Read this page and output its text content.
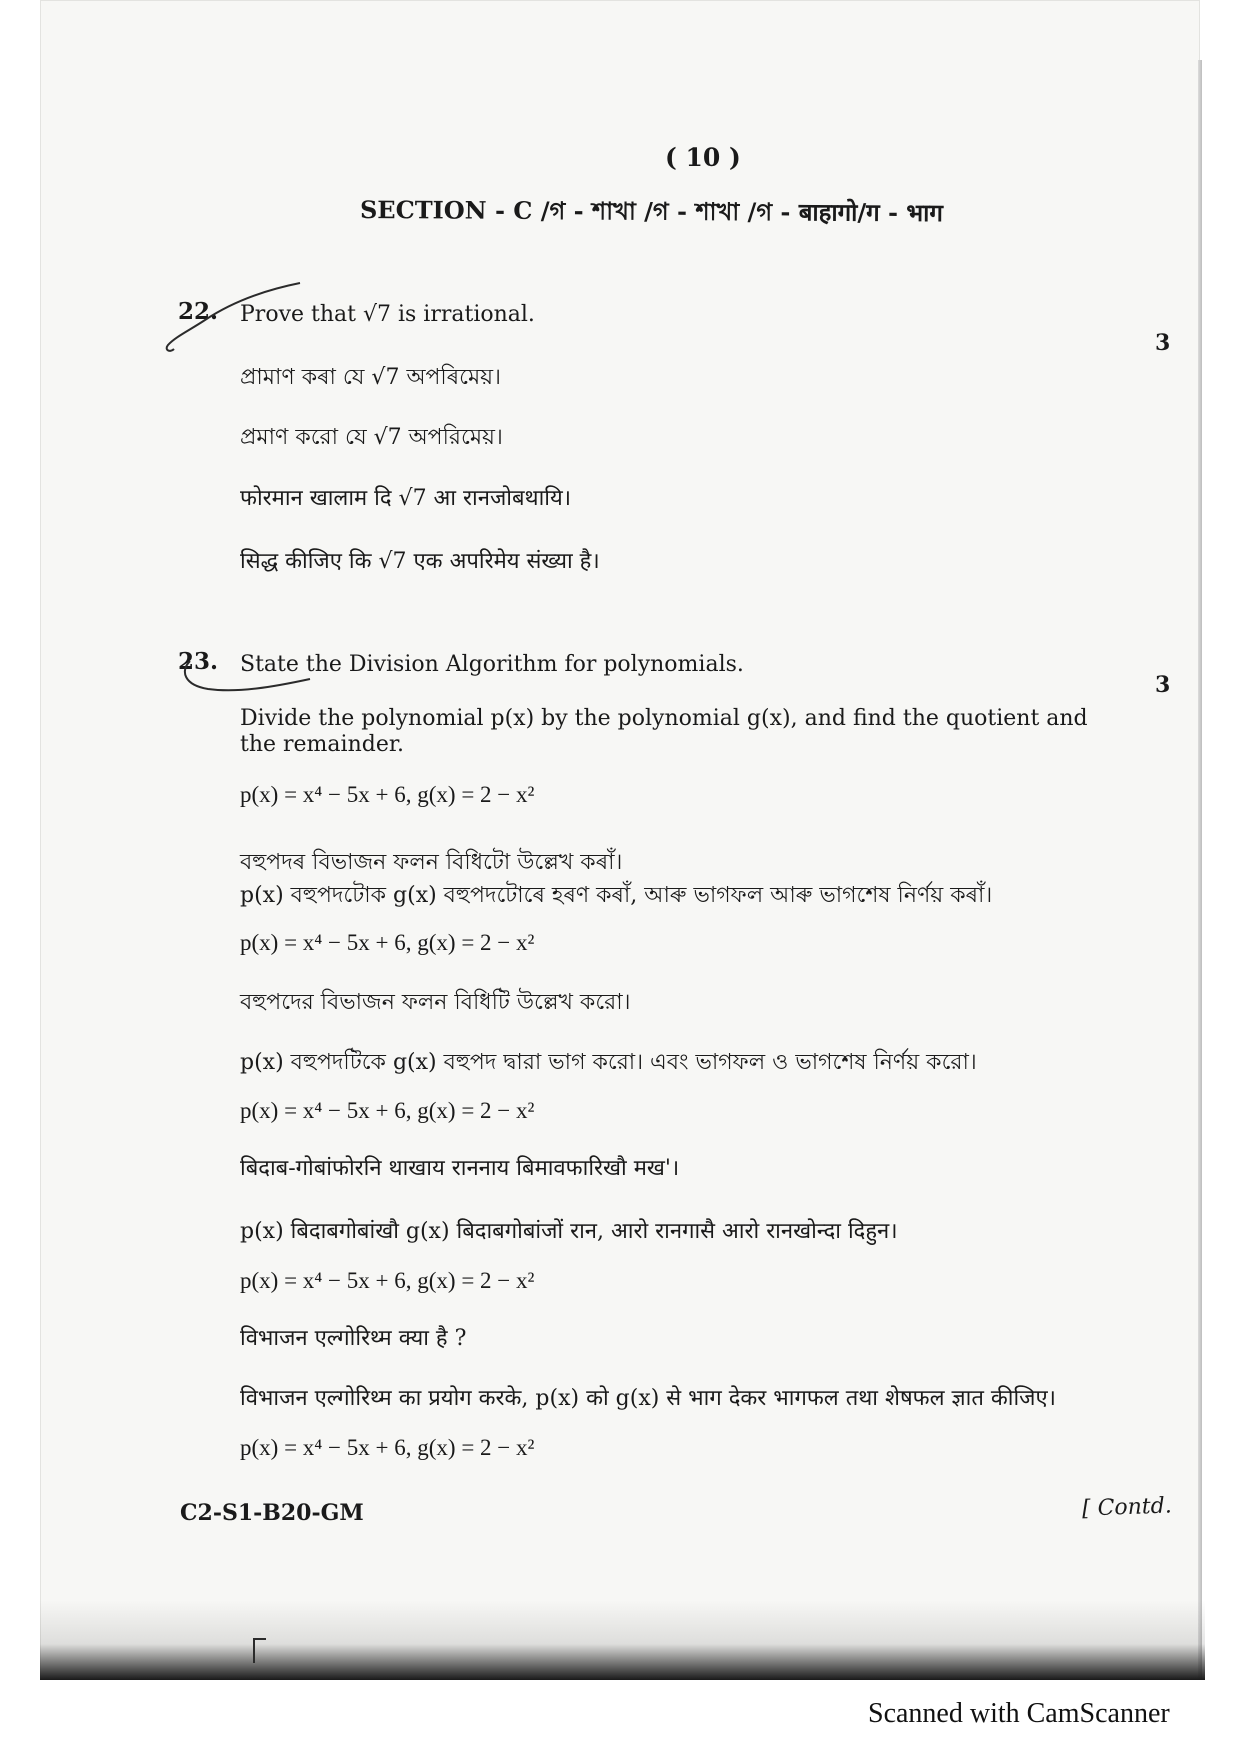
( 10 )
SECTION - C /গ - শাখা /গ - শাখা /গ - बाहागो/ग - भाग
22.
3
Prove that √7 is irrational.
প্ৰামাণ কৰা যে √7 অপৰিমেয়।
প্রমাণ করো যে √7 অপরিমেয়।
फोरमान खालाम दि √7 आ रानजोबथायि।
सिद्ध कीजिए कि √7 एक अपरिमेय संख्या है।
23.
3
State the Division Algorithm for polynomials.
Divide the polynomial p(x) by the polynomial g(x), and find the quotient and the remainder.
p(x) = x⁴ − 5x + 6, g(x) = 2 − x²
বহুপদৰ বিভাজন ফলন বিধিটো উল্লেখ কৰাঁ।
p(x) বহুপদটোক g(x) বহুপদটোৰে হৰণ কৰাঁ, আৰু ভাগফল আৰু ভাগশেষ নিৰ্ণয় কৰাঁ।
p(x) = x⁴ − 5x + 6, g(x) = 2 − x²
বহুপদের বিভাজন ফলন বিধিটি উল্লেখ করো।
p(x) বহুপদটিকে g(x) বহুপদ দ্বারা ভাগ করো। এবং ভাগফল ও ভাগশেষ নির্ণয় করো।
p(x) = x⁴ − 5x + 6, g(x) = 2 − x²
बिदाब-गोबांफोरनि थाखाय राननाय बिमावफारिखौ मख'।
p(x) बिदाबगोबांखौ g(x) बिदाबगोबांजों रान, आरो रानगासै आरो रानखोन्दा दिहुन।
p(x) = x⁴ − 5x + 6, g(x) = 2 − x²
विभाजन एल्गोरिथ्म क्या है ?
विभाजन एल्गोरिथ्म का प्रयोग करके, p(x) को g(x) से भाग देकर भागफल तथा शेषफल ज्ञात कीजिए।
p(x) = x⁴ − 5x + 6, g(x) = 2 − x²
C2-S1-B20-GM	[ Contd.
Scanned with CamScanner
